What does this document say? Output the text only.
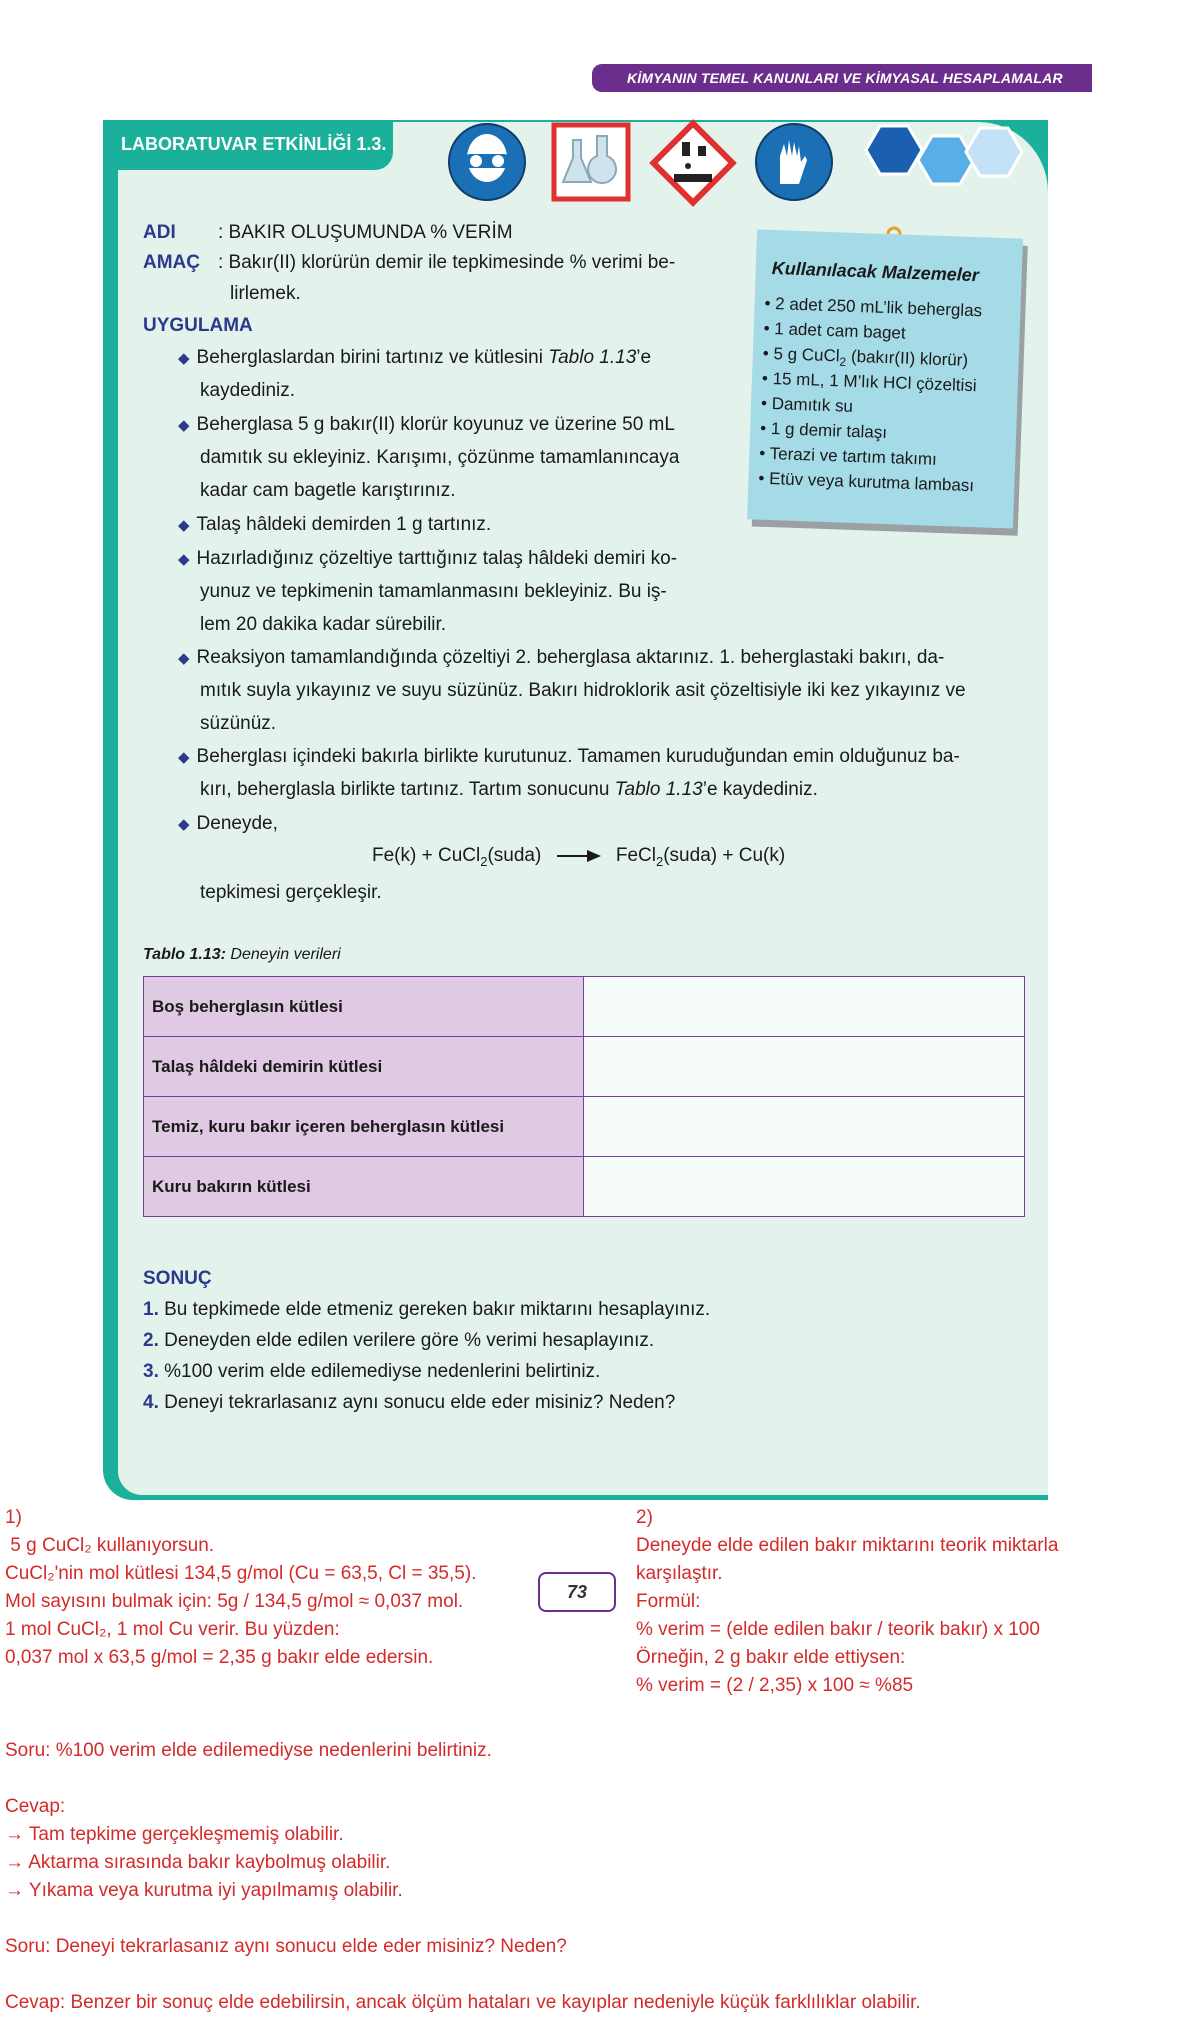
KİMYANIN TEMEL KANUNLARI VE KİMYASAL HESAPLAMALAR
LABORATUVAR ETKİNLİĞİ 1.3.
ADI : BAKIR OLUŞUMUNDA % VERİM
AMAÇ : Bakır(II) klorürün demir ile tepkimesinde % verimi be-
lirlemek.
UYGULAMA
◆ Beherglaslardan birini tartınız ve kütlesini Tablo 1.13’e
kaydediniz.
◆ Beherglasa 5 g bakır(II) klorür koyunuz ve üzerine 50 mL
damıtık su ekleyiniz. Karışımı, çözünme tamamlanıncaya
kadar cam bagetle karıştırınız.
◆ Talaş hâldeki demirden 1 g tartınız.
◆ Hazırladığınız çözeltiye tarttığınız talaş hâldeki demiri ko-
yunuz ve tepkimenin tamamlanmasını bekleyiniz. Bu iş-
lem 20 dakika kadar sürebilir.
◆ Reaksiyon tamamlandığında çözeltiyi 2. beherglasa aktarınız. 1. beherglastaki bakırı, da-
mıtık suyla yıkayınız ve suyu süzünüz. Bakırı hidroklorik asit çözeltisiyle iki kez yıkayınız ve
süzünüz.
◆ Beherglası içindeki bakırla birlikte kurutunuz. Tamamen kuruduğundan emin olduğunuz ba-
kırı, beherglasla birlikte tartınız. Tartım sonucunu Tablo 1.13’e kaydediniz.
◆ Deneyde,
Fe(k) + CuCl$_2$(suda)	FeCl$_2$(suda) + Cu(k)
tepkimesi gerçekleşir.
Kullanılacak Malzemeler
• 2 adet 250 mL’lik beherglas
• 1 adet cam baget
• 5 g CuCl$_2$ (bakır(II) klorür)
• 15 mL, 1 M’lık HCl çözeltisi
• Damıtık su
• 1 g demir talaşı
• Terazi ve tartım takımı
• Etüv veya kurutma lambası
Tablo 1.13: Deneyin verileri
Boş beherglasın kütlesi	
Talaş hâldeki demirin kütlesi	
Temiz, kuru bakır içeren beherglasın kütlesi	
Kuru bakırın kütlesi	
SONUÇ
1. Bu tepkimede elde etmeniz gereken bakır miktarını hesaplayınız.
2. Deneyden elde edilen verilere göre % verimi hesaplayınız.
3. %100 verim elde edilemediyse nedenlerini belirtiniz.
4. Deneyi tekrarlasanız aynı sonucu elde eder misiniz? Neden?
73
1)
5 g CuCl₂ kullanıyorsun.
CuCl₂'nin mol kütlesi 134,5 g/mol (Cu = 63,5, Cl = 35,5).
Mol sayısını bulmak için: 5g / 134,5 g/mol ≈ 0,037 mol.
1 mol CuCl₂, 1 mol Cu verir. Bu yüzden:
0,037 mol x 63,5 g/mol = 2,35 g bakır elde edersin.
2)
Deneyde elde edilen bakır miktarını teorik miktarla
karşılaştır.
Formül:
% verim = (elde edilen bakır / teorik bakır) x 100
Örneğin, 2 g bakır elde ettiysen:
% verim = (2 / 2,35) x 100 ≈ %85
Soru: %100 verim elde edilemediyse nedenlerini belirtiniz.
Cevap:
→ Tam tepkime gerçekleşmemiş olabilir.
→ Aktarma sırasında bakır kaybolmuş olabilir.
→ Yıkama veya kurutma iyi yapılmamış olabilir.
Soru: Deneyi tekrarlasanız aynı sonucu elde eder misiniz? Neden?
Cevap: Benzer bir sonuç elde edebilirsin, ancak ölçüm hataları ve kayıplar nedeniyle küçük farklılıklar olabilir.
